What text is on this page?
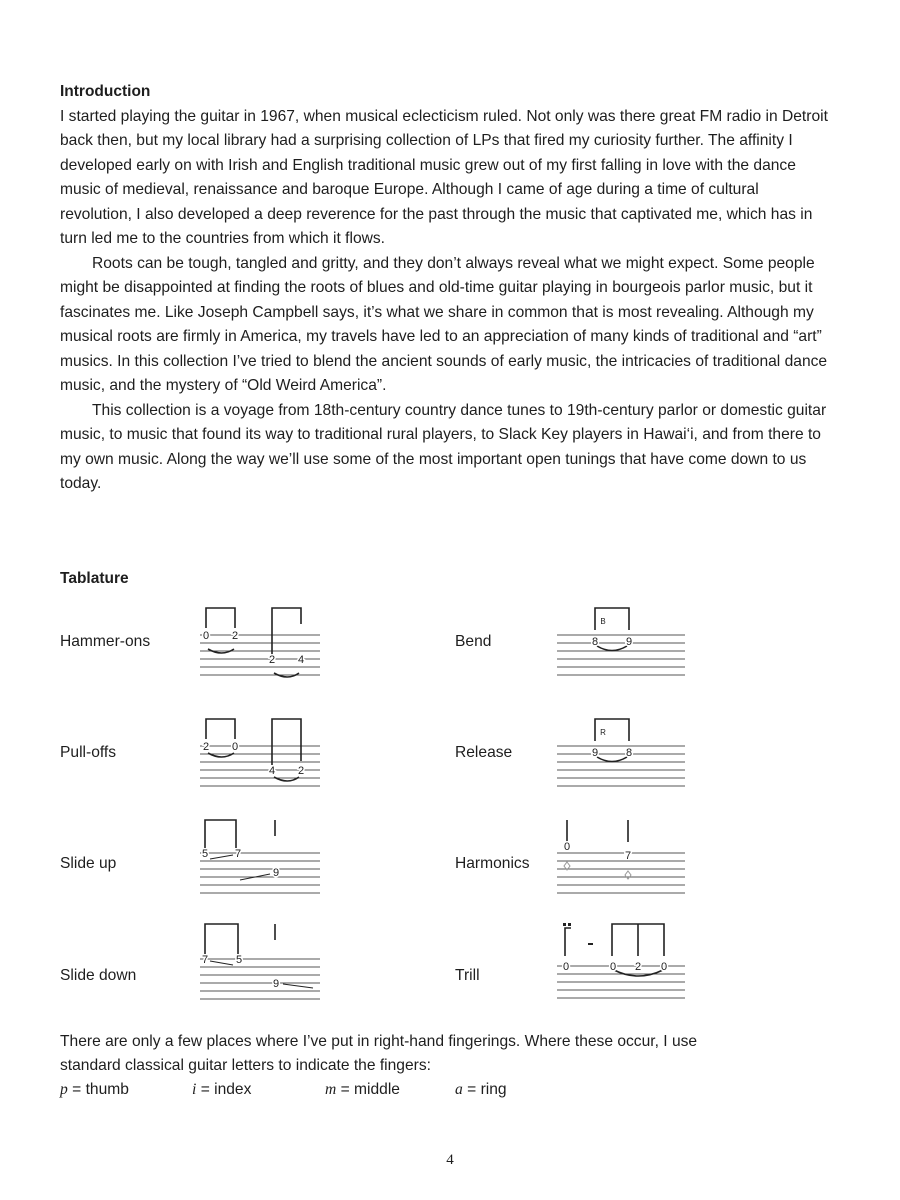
Introduction

I started playing the guitar in 1967, when musical eclecticism ruled. Not only was there great FM radio in Detroit back then, but my local library had a surprising collection of LPs that fired my curiosity further. The affinity I developed early on with Irish and English traditional music grew out of my first falling in love with the dance music of medieval, renaissance and baroque Europe. Although I came of age during a time of cultural revolution, I also developed a deep reverence for the past through the music that captivated me, which has in turn led me to the countries from which it flows.

Roots can be tough, tangled and gritty, and they don’t always reveal what we might expect. Some people might be disappointed at finding the roots of blues and old-time guitar playing in bourgeois parlor music, but it fascinates me. Like Joseph Campbell says, it’s what we share in common that is most revealing. Although my musical roots are firmly in America, my travels have led to an appreciation of many kinds of traditional and “art” musics. In this collection I’ve tried to blend the ancient sounds of early music, the intricacies of traditional dance music, and the mystery of “Old Weird America”.

This collection is a voyage from 18th-century country dance tunes to 19th-century parlor or domestic guitar music, to music that found its way to traditional rural players, to Slack Key players in Hawai‘i, and from there to my own music. Along the way we’ll use some of the most important open tunings that have come down to us today.

Tablature
Hammer-ons
Pull-offs
Slide up
Slide down
Bend
Release
Harmonics
Trill
0 2
2 4
2 0
4 2
5 7
9
7	5
9
B
8	9
R
9	8
0
7
0	0 2 0
There are only a few places where I’ve put in right-hand fingerings. Where these occur, I use
standard classical guitar letters to indicate the fingers:
p = thumb	i = index	m = middle	a = ring
4
